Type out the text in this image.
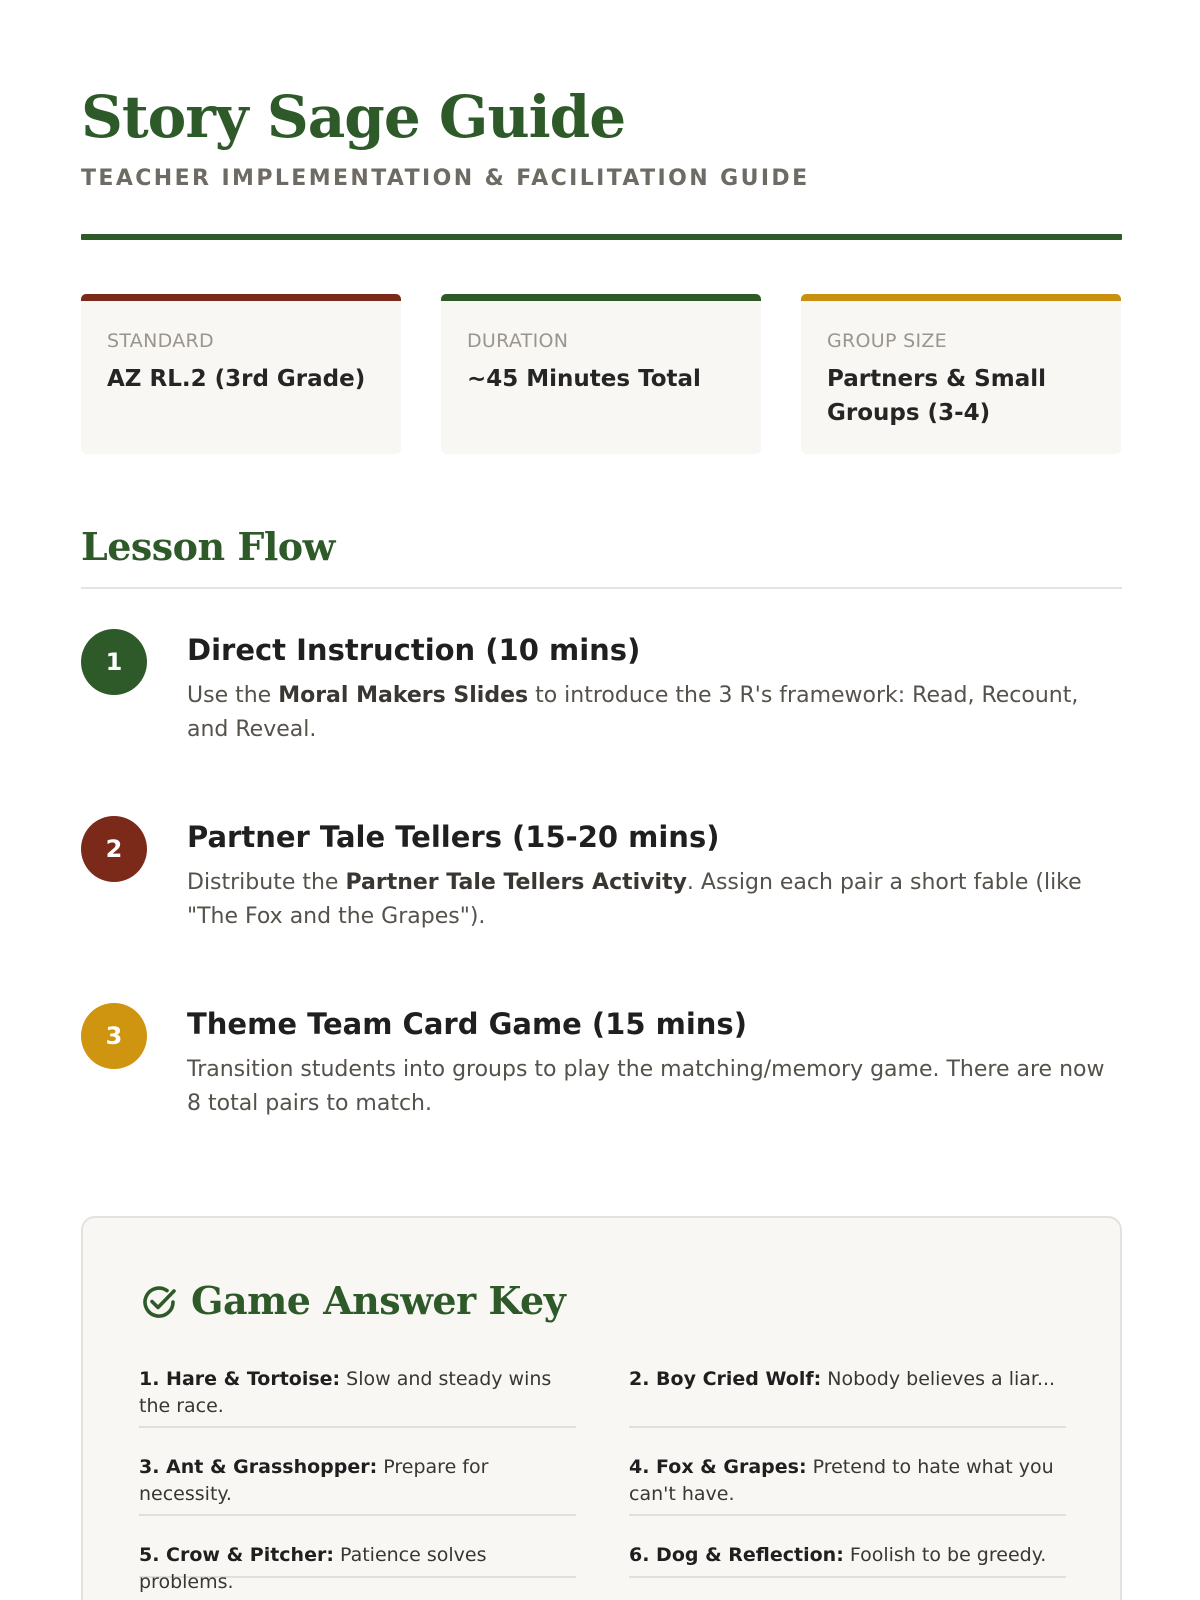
Story Sage Guide
TEACHER IMPLEMENTATION & FACILITATION GUIDE
STANDARD
AZ RL.2 (3rd Grade)
DURATION
~45 Minutes Total
GROUP SIZE
Partners & Small Groups (3-4)
Lesson Flow
1	Direct Instruction (10 mins)
Use the Moral Makers Slides to introduce the 3 R's framework: Read, Recount, and Reveal.
2	Partner Tale Tellers (15-20 mins)
Distribute the Partner Tale Tellers Activity. Assign each pair a short fable (like "The Fox and the Grapes").
3	Theme Team Card Game (15 mins)
Transition students into groups to play the matching/memory game. There are now 8 total pairs to match.
Game Answer Key
1. Hare & Tortoise: Slow and steady wins the race.
2. Boy Cried Wolf: Nobody believes a liar...
3. Ant & Grasshopper: Prepare for necessity.
4. Fox & Grapes: Pretend to hate what you can't have.
5. Crow & Pitcher: Patience solves problems.
6. Dog & Reflection: Foolish to be greedy.
